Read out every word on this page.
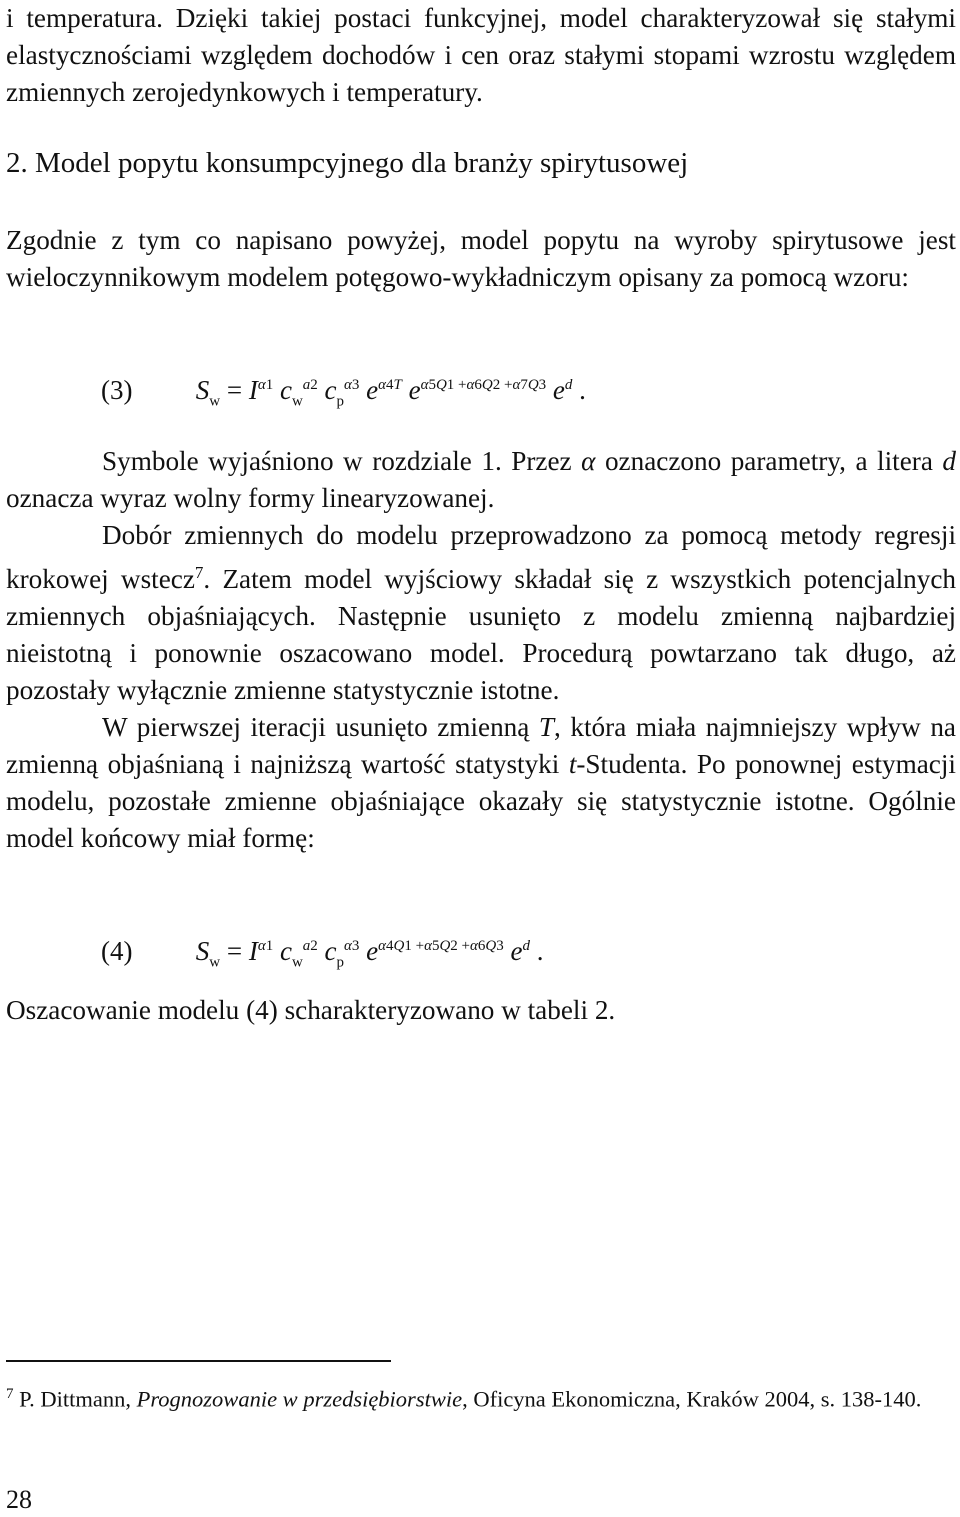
i temperatura. Dzięki takiej postaci funkcyjnej, model charakteryzował się stałymi elastycznościami względem dochodów i cen oraz stałymi stopami wzrostu względem zmiennych zerojedynkowych i temperatury.

2. Model popytu konsumpcyjnego dla branży spirytusowej

Zgodnie z tym co napisano powyżej, model popytu na wyroby spirytusowe jest wieloczynnikowym modelem potęgowo-wykładniczym opisany za pomocą wzoru:

(3) $S_w = I^{\alpha 1}$ $c_w^{a2}$ $c_p^{\alpha 3}$ $e^{\alpha 4T}$ $e^{\alpha 5Q1 +\alpha 6Q2 +\alpha 7Q3}$ $e^d$ .

Symbole wyjaśniono w rozdziale 1. Przez α oznaczono parametry, a litera d oznacza wyraz wolny formy linearyzowanej.

Dobór zmiennych do modelu przeprowadzono za pomocą metody regresji krokowej wstecz$^7$. Zatem model wyjściowy składał się z wszystkich potencjalnych zmiennych objaśniających. Następnie usunięto z modelu zmienną najbardziej nieistotną i ponownie oszacowano model. Procedurą powtarzano tak długo, aż pozostały wyłącznie zmienne statystycznie istotne.

W pierwszej iteracji usunięto zmienną T, która miała najmniejszy wpływ na zmienną objaśnianą i najniższą wartość statystyki t-Studenta. Po ponownej estymacji modelu, pozostałe zmienne objaśniające okazały się statystycznie istotne. Ogólnie model końcowy miał formę:

(4) $S_w = I^{\alpha 1}$ $c_w^{a2}$ $c_p^{\alpha 3}$ $e^{\alpha 4Q1 +\alpha 5Q2 +\alpha 6Q3}$ $e^d$ .

Oszacowanie modelu (4) scharakteryzowano w tabeli 2.

$^7$ P. Dittmann, Prognozowanie w przedsiębiorstwie, Oficyna Ekonomiczna, Kraków 2004, s. 138-140.
28
